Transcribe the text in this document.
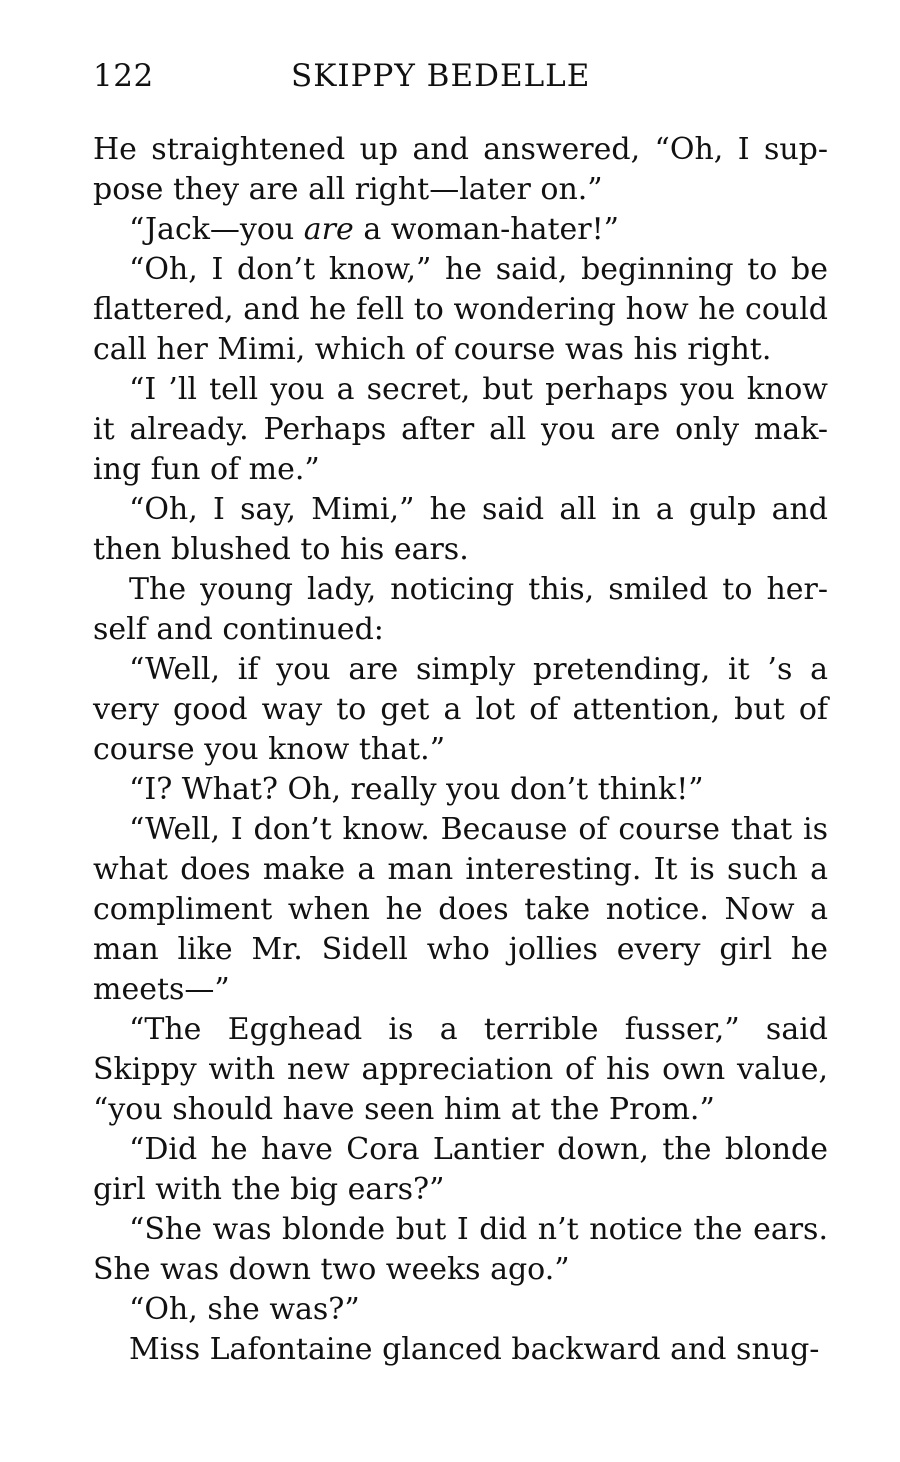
122	SKIPPY BEDELLE

He straightened up and answered, “Oh, I sup-pose they are all right—later on.”

“Jack—you are a woman-hater!”

“Oh, I don’t know,” he said, beginning to be flattered, and he fell to wondering how he could call her Mimi, which of course was his right.

“I ’ll tell you a secret, but perhaps you know it already. Perhaps after all you are only mak-ing fun of me.”

“Oh, I say, Mimi,” he said all in a gulp and then blushed to his ears.

The young lady, noticing this, smiled to her-self and continued:

“Well, if you are simply pretending, it ’s a very good way to get a lot of attention, but of course you know that.”

“I? What? Oh, really you don’t think!”

“Well, I don’t know. Because of course that is what does make a man interesting. It is such a compliment when he does take notice. Now a man like Mr. Sidell who jollies every girl he meets—”

“The Egghead is a terrible fusser,” said Skippy with new appreciation of his own value, “you should have seen him at the Prom.”

“Did he have Cora Lantier down, the blonde girl with the big ears?”

“She was blonde but I did n’t notice the ears. She was down two weeks ago.”

“Oh, she was?”

Miss Lafontaine glanced backward and snug-
